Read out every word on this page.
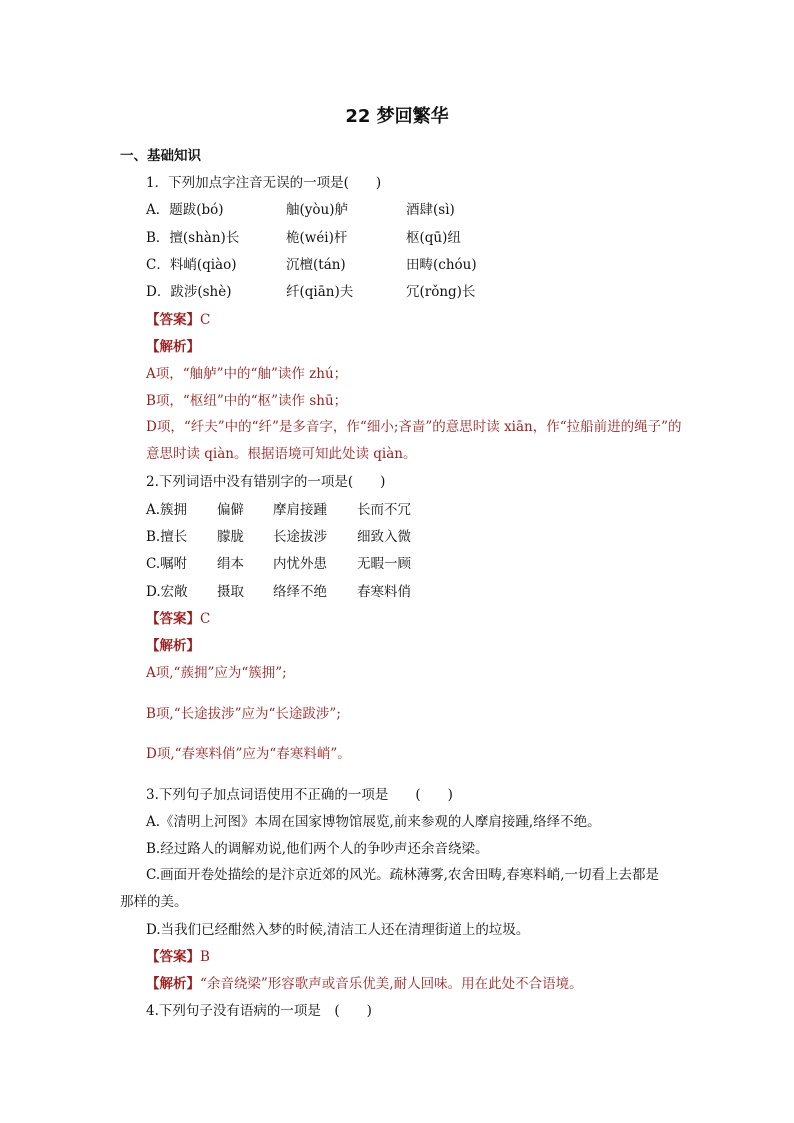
22 梦回繁华
一、基础知识
1．下列加点字注音无误的一项是(　　)
A．题跋(bó)	舳(yòu)舻	酒肆(sì)
B．擅(shàn)长	桅(wéi)杆	枢(qū)纽
C．料峭(qiào)	沉檀(tán)	田畴(chóu)
D．跋涉(shè)	纤(qiān)夫	冗(rǒng)长
【答案】C
【解析】
A项，“舳舻”中的“舳”读作 zhú；
B项，“枢纽”中的“枢”读作 shū；
D项，“纤夫”中的“纤”是多音字，作“细小;吝啬”的意思时读 xiān，作“拉船前进的绳子”的意思时读 qiàn。根据语境可知此处读 qiàn。
2.下列词语中没有错别字的一项是(　　)
A.簇拥 偏僻 摩肩接踵 长而不冗
B.擅长 朦胧 长途拔涉 细致入微
C.嘱咐 绢本 内忧外患 无暇一顾
D.宏敞 摄取 络绎不绝 春寒料俏
【答案】C
【解析】
A项,“蔟拥”应为“簇拥”;
B项,“长途拔涉”应为“长途跋涉”;
D项,“春寒料俏”应为“春寒料峭”。
3.下列句子加点词语使用不正确的一项是　　(　　)
A.《清明上河图》本周在国家博物馆展览,前来参观的人摩肩接踵,络绎不绝。
B.经过路人的调解劝说,他们两个人的争吵声还余音绕梁。
C.画面开卷处描绘的是汴京近郊的风光。疏林薄雾,农舍田畴,春寒料峭,一切看上去都是那样的美。
D.当我们已经酣然入梦的时候,清洁工人还在清理街道上的垃圾。
【答案】B
【解析】“余音绕梁”形容歌声或音乐优美,耐人回味。用在此处不合语境。
4.下列句子没有语病的一项是　(　　)
